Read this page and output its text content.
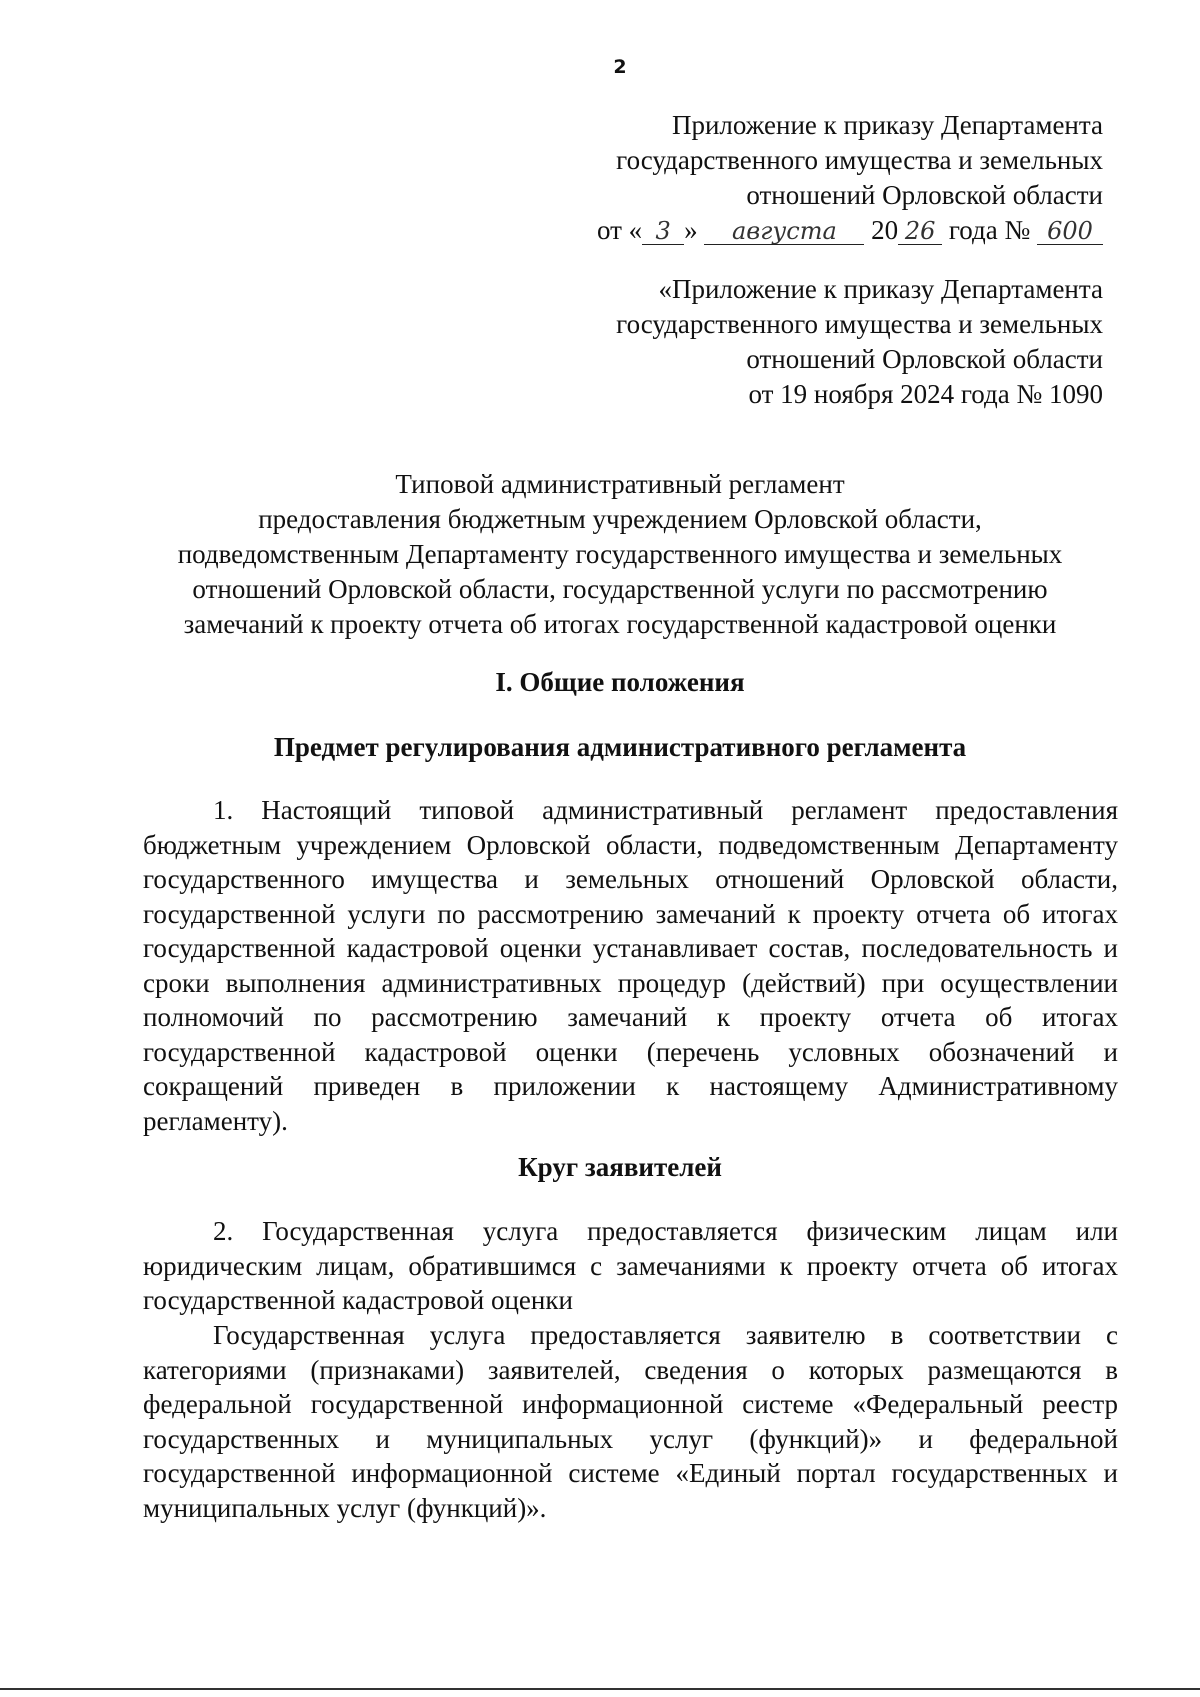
2
Приложение к приказу Департамента
государственного имущества и земельных
отношений Орловской области
от « 3 » августа 20 26 года № 600
«Приложение к приказу Департамента
государственного имущества и земельных
отношений Орловской области
от 19 ноября 2024 года № 1090
Типовой административный регламент
предоставления бюджетным учреждением Орловской области,
подведомственным Департаменту государственного имущества и земельных
отношений Орловской области, государственной услуги по рассмотрению
замечаний к проекту отчета об итогах государственной кадастровой оценки
I. Общие положения
Предмет регулирования административного регламента

1. Настоящий типовой административный регламент предоставления бюджетным учреждением Орловской области, подведомственным Департаменту государственного имущества и земельных отношений Орловской области, государственной услуги по рассмотрению замечаний к проекту отчета об итогах государственной кадастровой оценки устанавливает состав, последовательность и сроки выполнения административных процедур (действий) при осуществлении полномочий по рассмотрению замечаний к проекту отчета об итогах государственной кадастровой оценки (перечень условных обозначений и сокращений приведен в приложении к настоящему Административному регламенту).

Круг заявителей

2. Государственная услуга предоставляется физическим лицам или юридическим лицам, обратившимся с замечаниями к проекту отчета об итогах государственной кадастровой оценки

Государственная услуга предоставляется заявителю в соответствии с категориями (признаками) заявителей, сведения о которых размещаются в федеральной государственной информационной системе «Федеральный реестр государственных и муниципальных услуг (функций)» и федеральной государственной информационной системе «Единый портал государственных и муниципальных услуг (функций)».
